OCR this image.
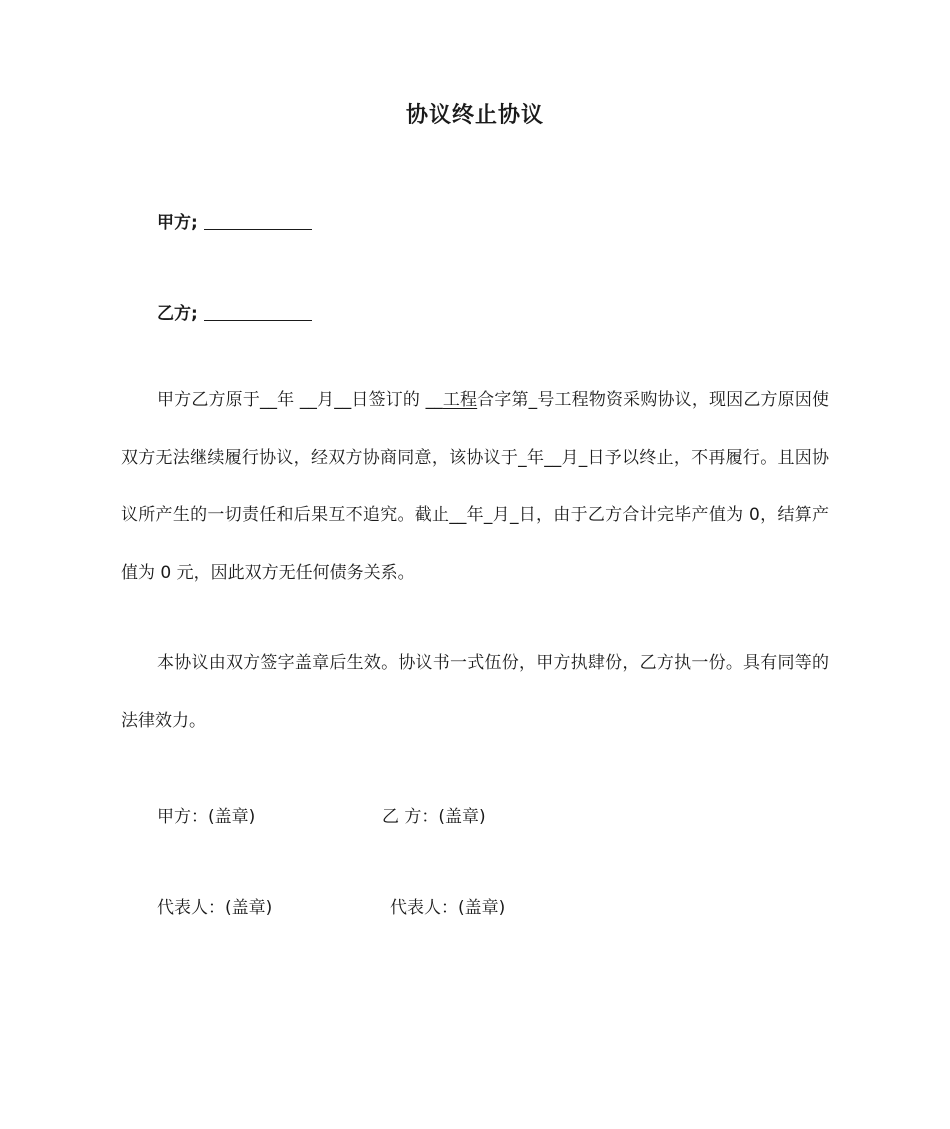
协议终止协议
甲方;
乙方;
甲方乙方原于__年 __月__日签订的 __工程合字第_号工程物资采购协议，现因乙方原因使双方无法继续履行协议，经双方协商同意，该协议于_年__月_日予以终止，不再履行。且因协议所产生的一切责任和后果互不追究。截止__年_月_日，由于乙方合计完毕产值为 0，结算产值为 0 元，因此双方无任何债务关系。
本协议由双方签字盖章后生效。协议书一式伍份，甲方执肆份，乙方执一份。具有同等的法律效力。
甲方：(盖章)	乙 方：(盖章)
代表人：(盖章)	代表人：(盖章)
